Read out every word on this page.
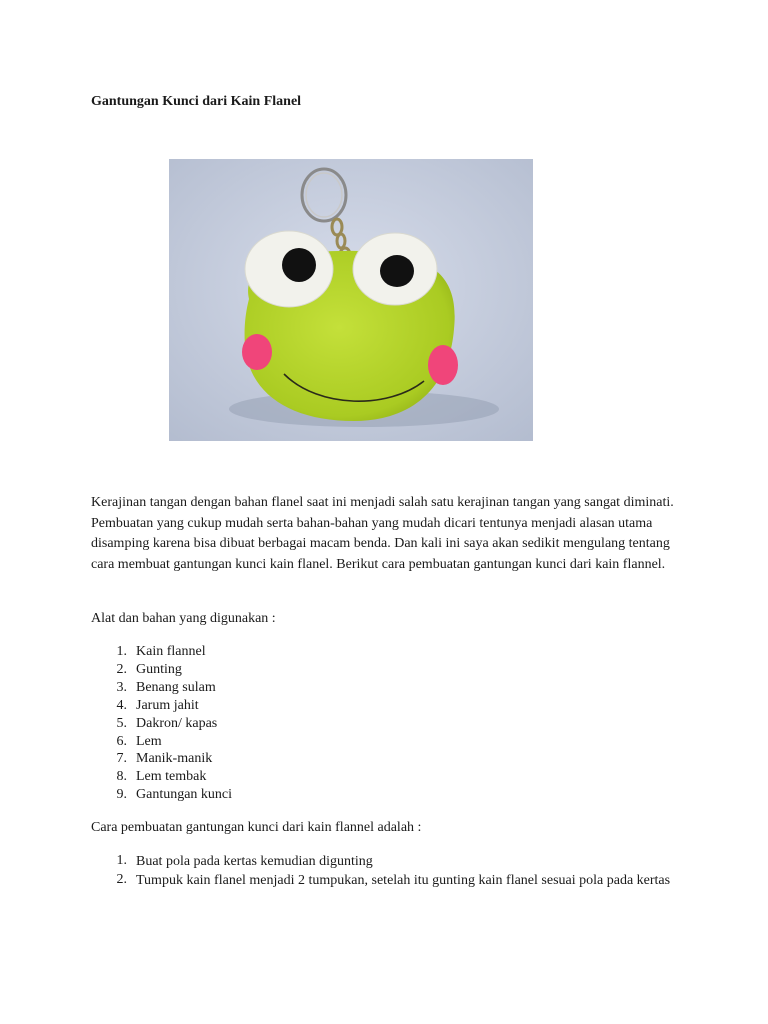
Gantungan Kunci dari Kain Flanel

Kerajinan tangan dengan bahan flanel saat ini menjadi salah satu kerajinan tangan yang sangat diminati. Pembuatan yang cukup mudah serta bahan-bahan yang mudah dicari tentunya menjadi alasan utama disamping karena bisa dibuat berbagai macam benda. Dan kali ini saya akan sedikit mengulang tentang cara membuat gantungan kunci kain flanel. Berikut cara pembuatan gantungan kunci dari kain flannel.

Alat dan bahan yang digunakan :

1. Kain flannel
2. Gunting
3. Benang sulam
4. Jarum jahit
5. Dakron/ kapas
6. Lem
7. Manik-manik
8. Lem tembak
9. Gantungan kunci

Cara pembuatan gantungan kunci dari kain flannel adalah :

1. Buat pola pada kertas kemudian digunting
2. Tumpuk kain flanel menjadi 2 tumpukan, setelah itu gunting kain flanel sesuai pola pada kertas
